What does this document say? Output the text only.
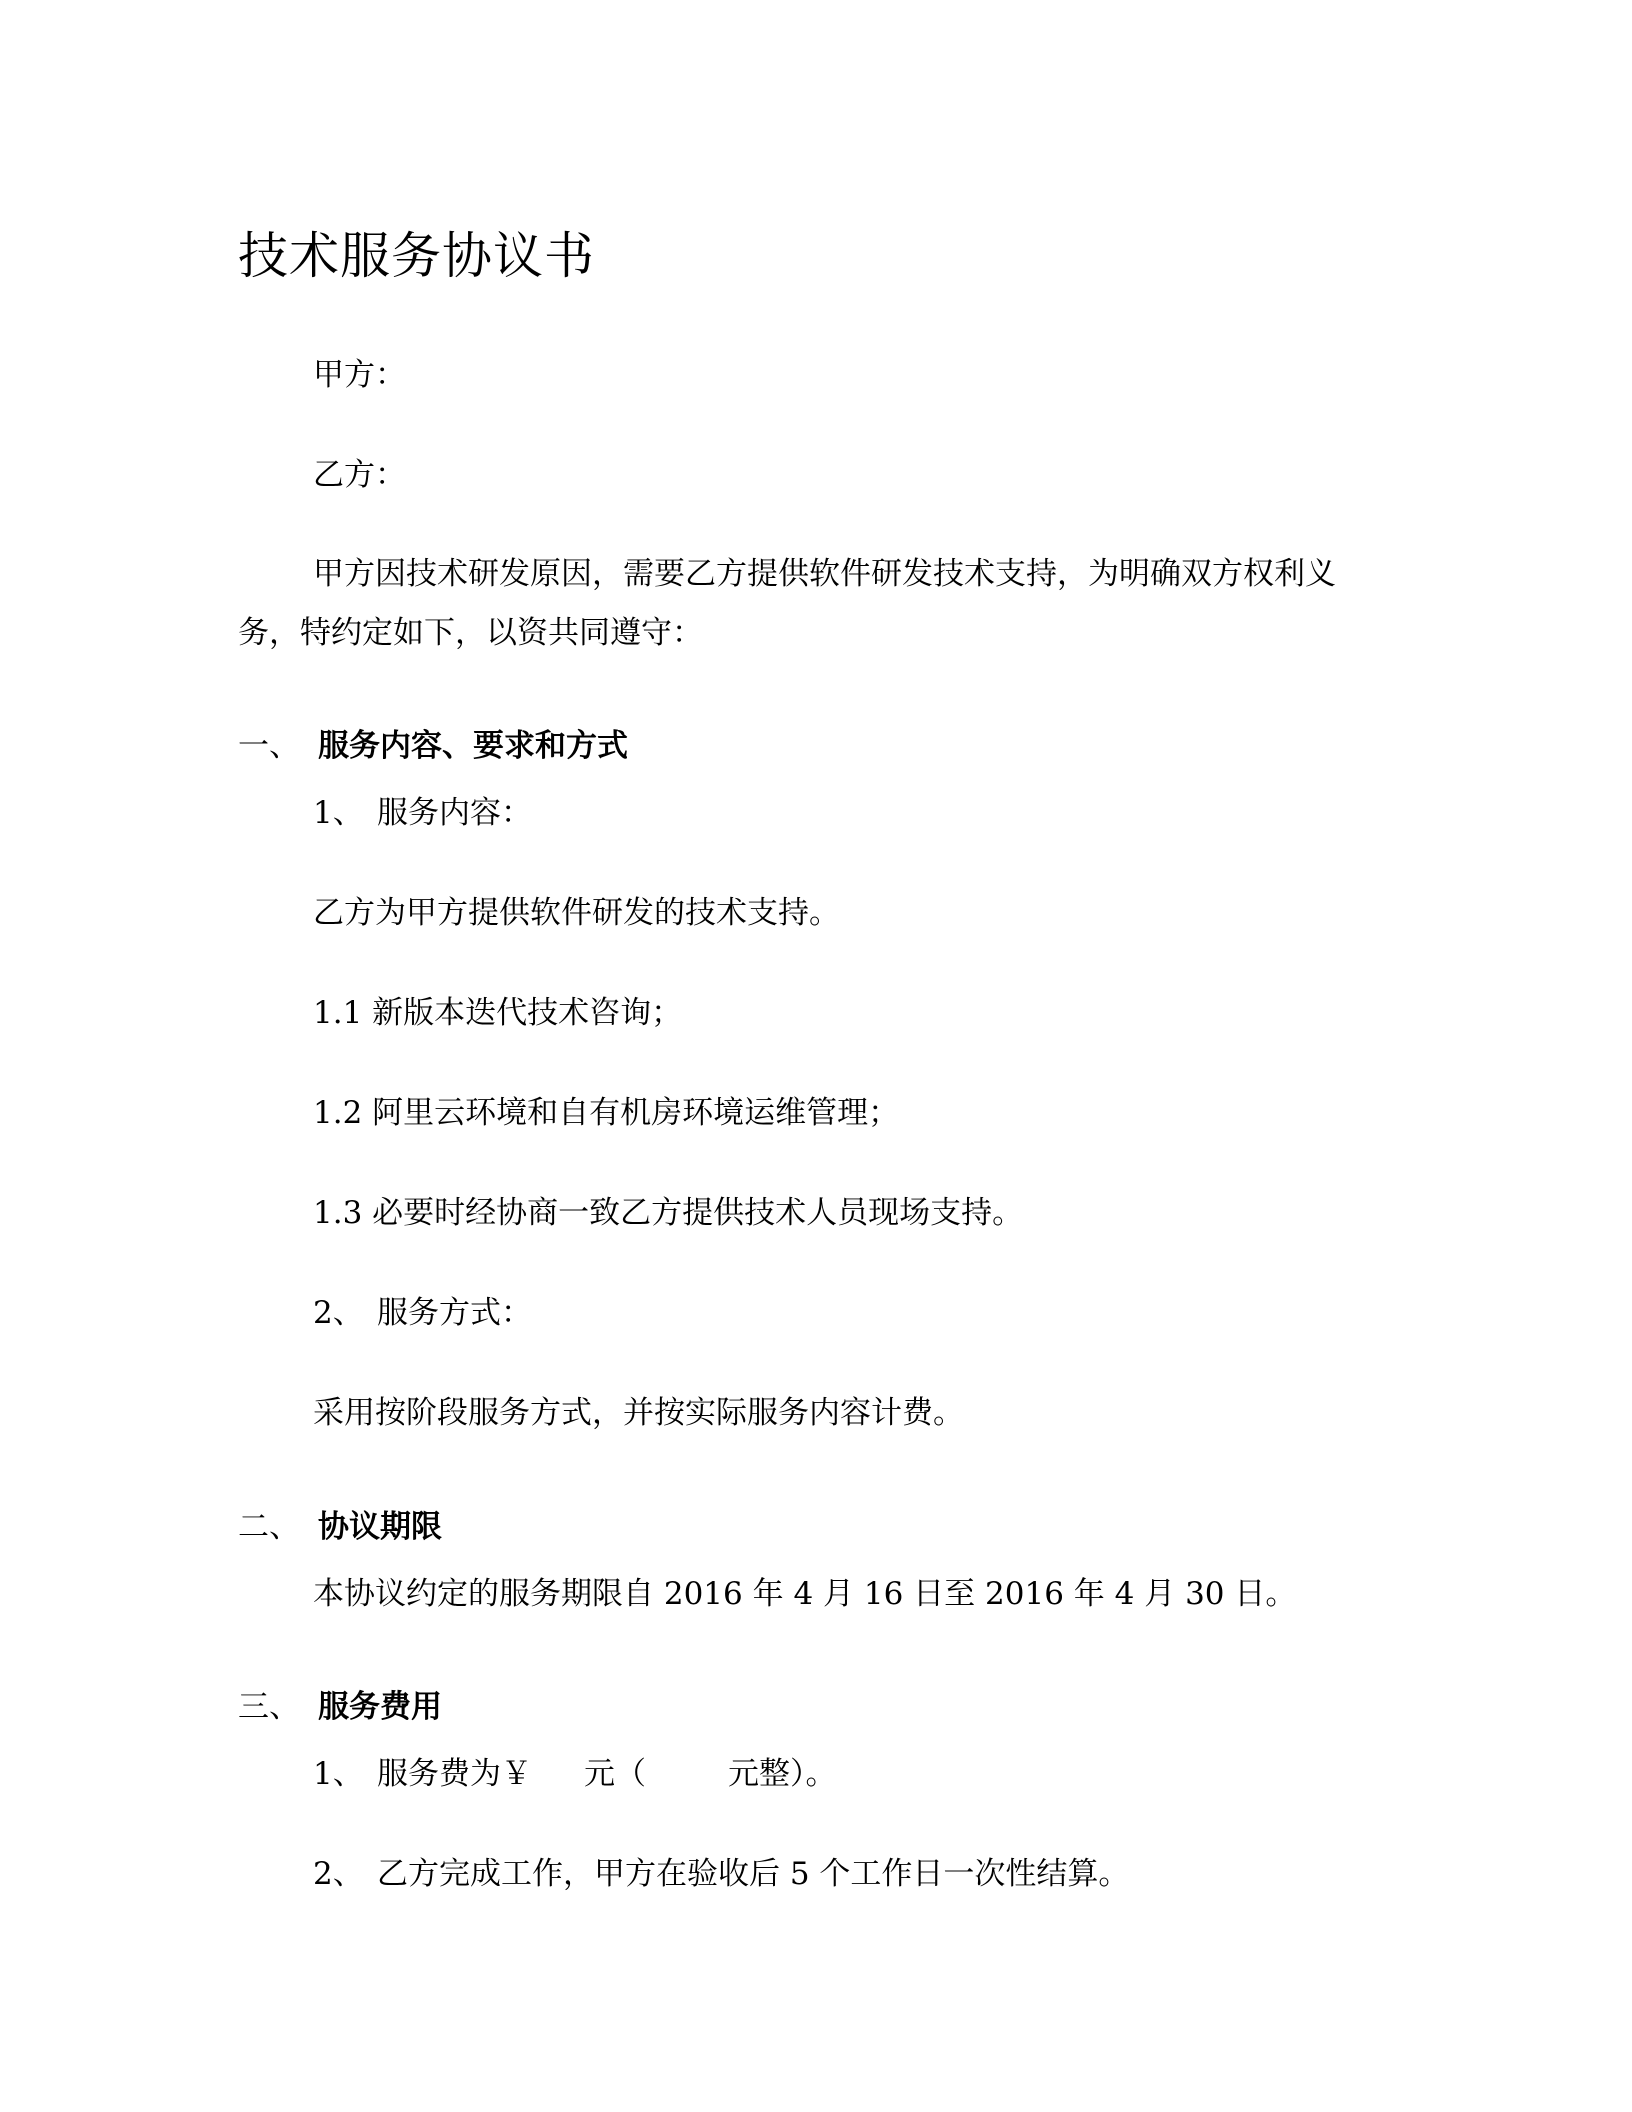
技术服务协议书
甲方：
乙方：
甲方因技术研发原因，需要乙方提供软件研发技术支持，为明确双方权利义
务，特约定如下，以资共同遵守：
一、 服务内容、要求和方式
1、 服务内容：
乙方为甲方提供软件研发的技术支持。
1.1 新版本迭代技术咨询；
1.2 阿里云环境和自有机房环境运维管理；
1.3 必要时经协商一致乙方提供技术人员现场支持。
2、 服务方式：
采用按阶段服务方式，并按实际服务内容计费。
二、 协议期限
本协议约定的服务期限自 2016 年 4 月 16 日至 2016 年 4 月 30 日。
三、 服务费用
1、 服务费为￥ 元（	元整）。
2、 乙方完成工作，甲方在验收后 5 个工作日一次性结算。
